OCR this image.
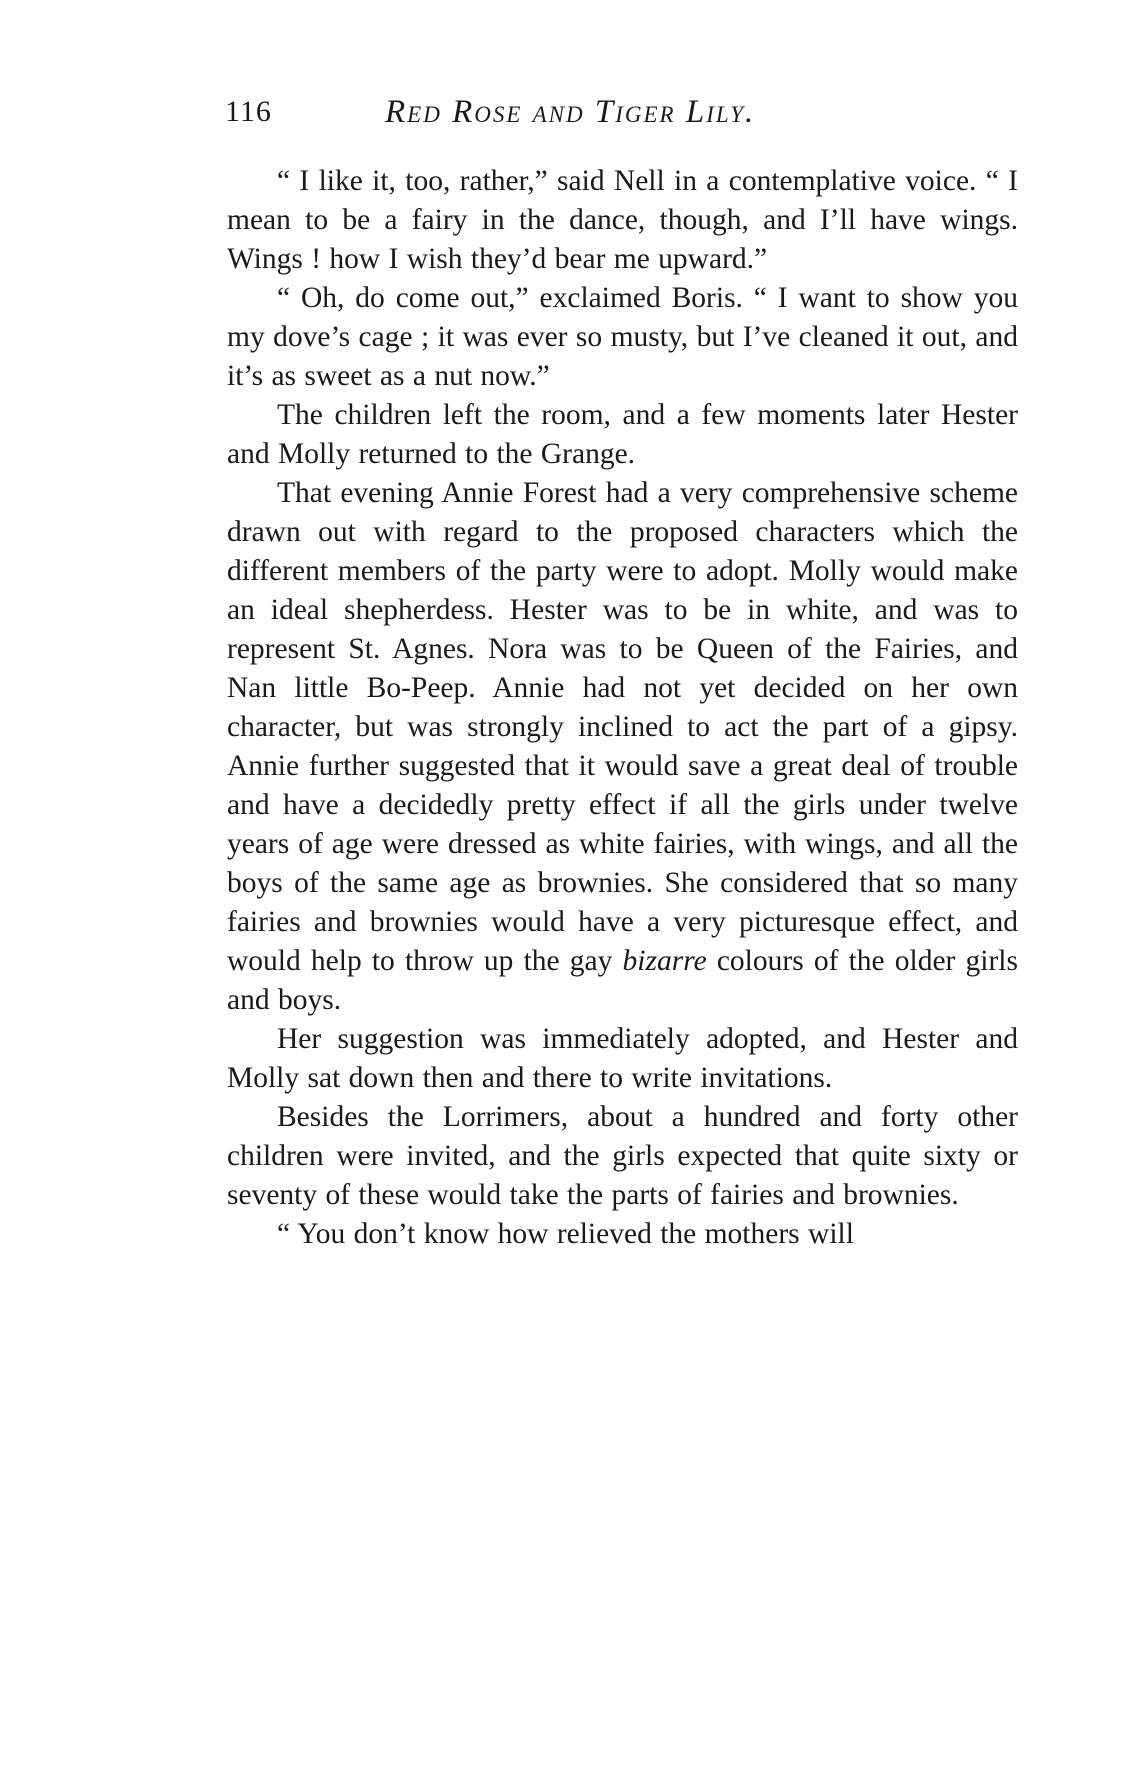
116	Red Rose and Tiger Lily.

“ I like it, too, rather,” said Nell in a contemplative voice. “ I mean to be a fairy in the dance, though, and I’ll have wings. Wings ! how I wish they’d bear me upward.”

“ Oh, do come out,” exclaimed Boris. “ I want to show you my dove’s cage ; it was ever so musty, but I’ve cleaned it out, and it’s as sweet as a nut now.”

The children left the room, and a few moments later Hester and Molly returned to the Grange.

That evening Annie Forest had a very comprehensive scheme drawn out with regard to the proposed characters which the different members of the party were to adopt. Molly would make an ideal shepherdess. Hester was to be in white, and was to represent St. Agnes. Nora was to be Queen of the Fairies, and Nan little Bo-Peep. Annie had not yet decided on her own character, but was strongly inclined to act the part of a gipsy. Annie further suggested that it would save a great deal of trouble and have a decidedly pretty effect if all the girls under twelve years of age were dressed as white fairies, with wings, and all the boys of the same age as brownies. She considered that so many fairies and brownies would have a very picturesque effect, and would help to throw up the gay bizarre colours of the older girls and boys.

Her suggestion was immediately adopted, and Hester and Molly sat down then and there to write invitations.

Besides the Lorrimers, about a hundred and forty other children were invited, and the girls expected that quite sixty or seventy of these would take the parts of fairies and brownies.

“ You don’t know how relieved the mothers will
